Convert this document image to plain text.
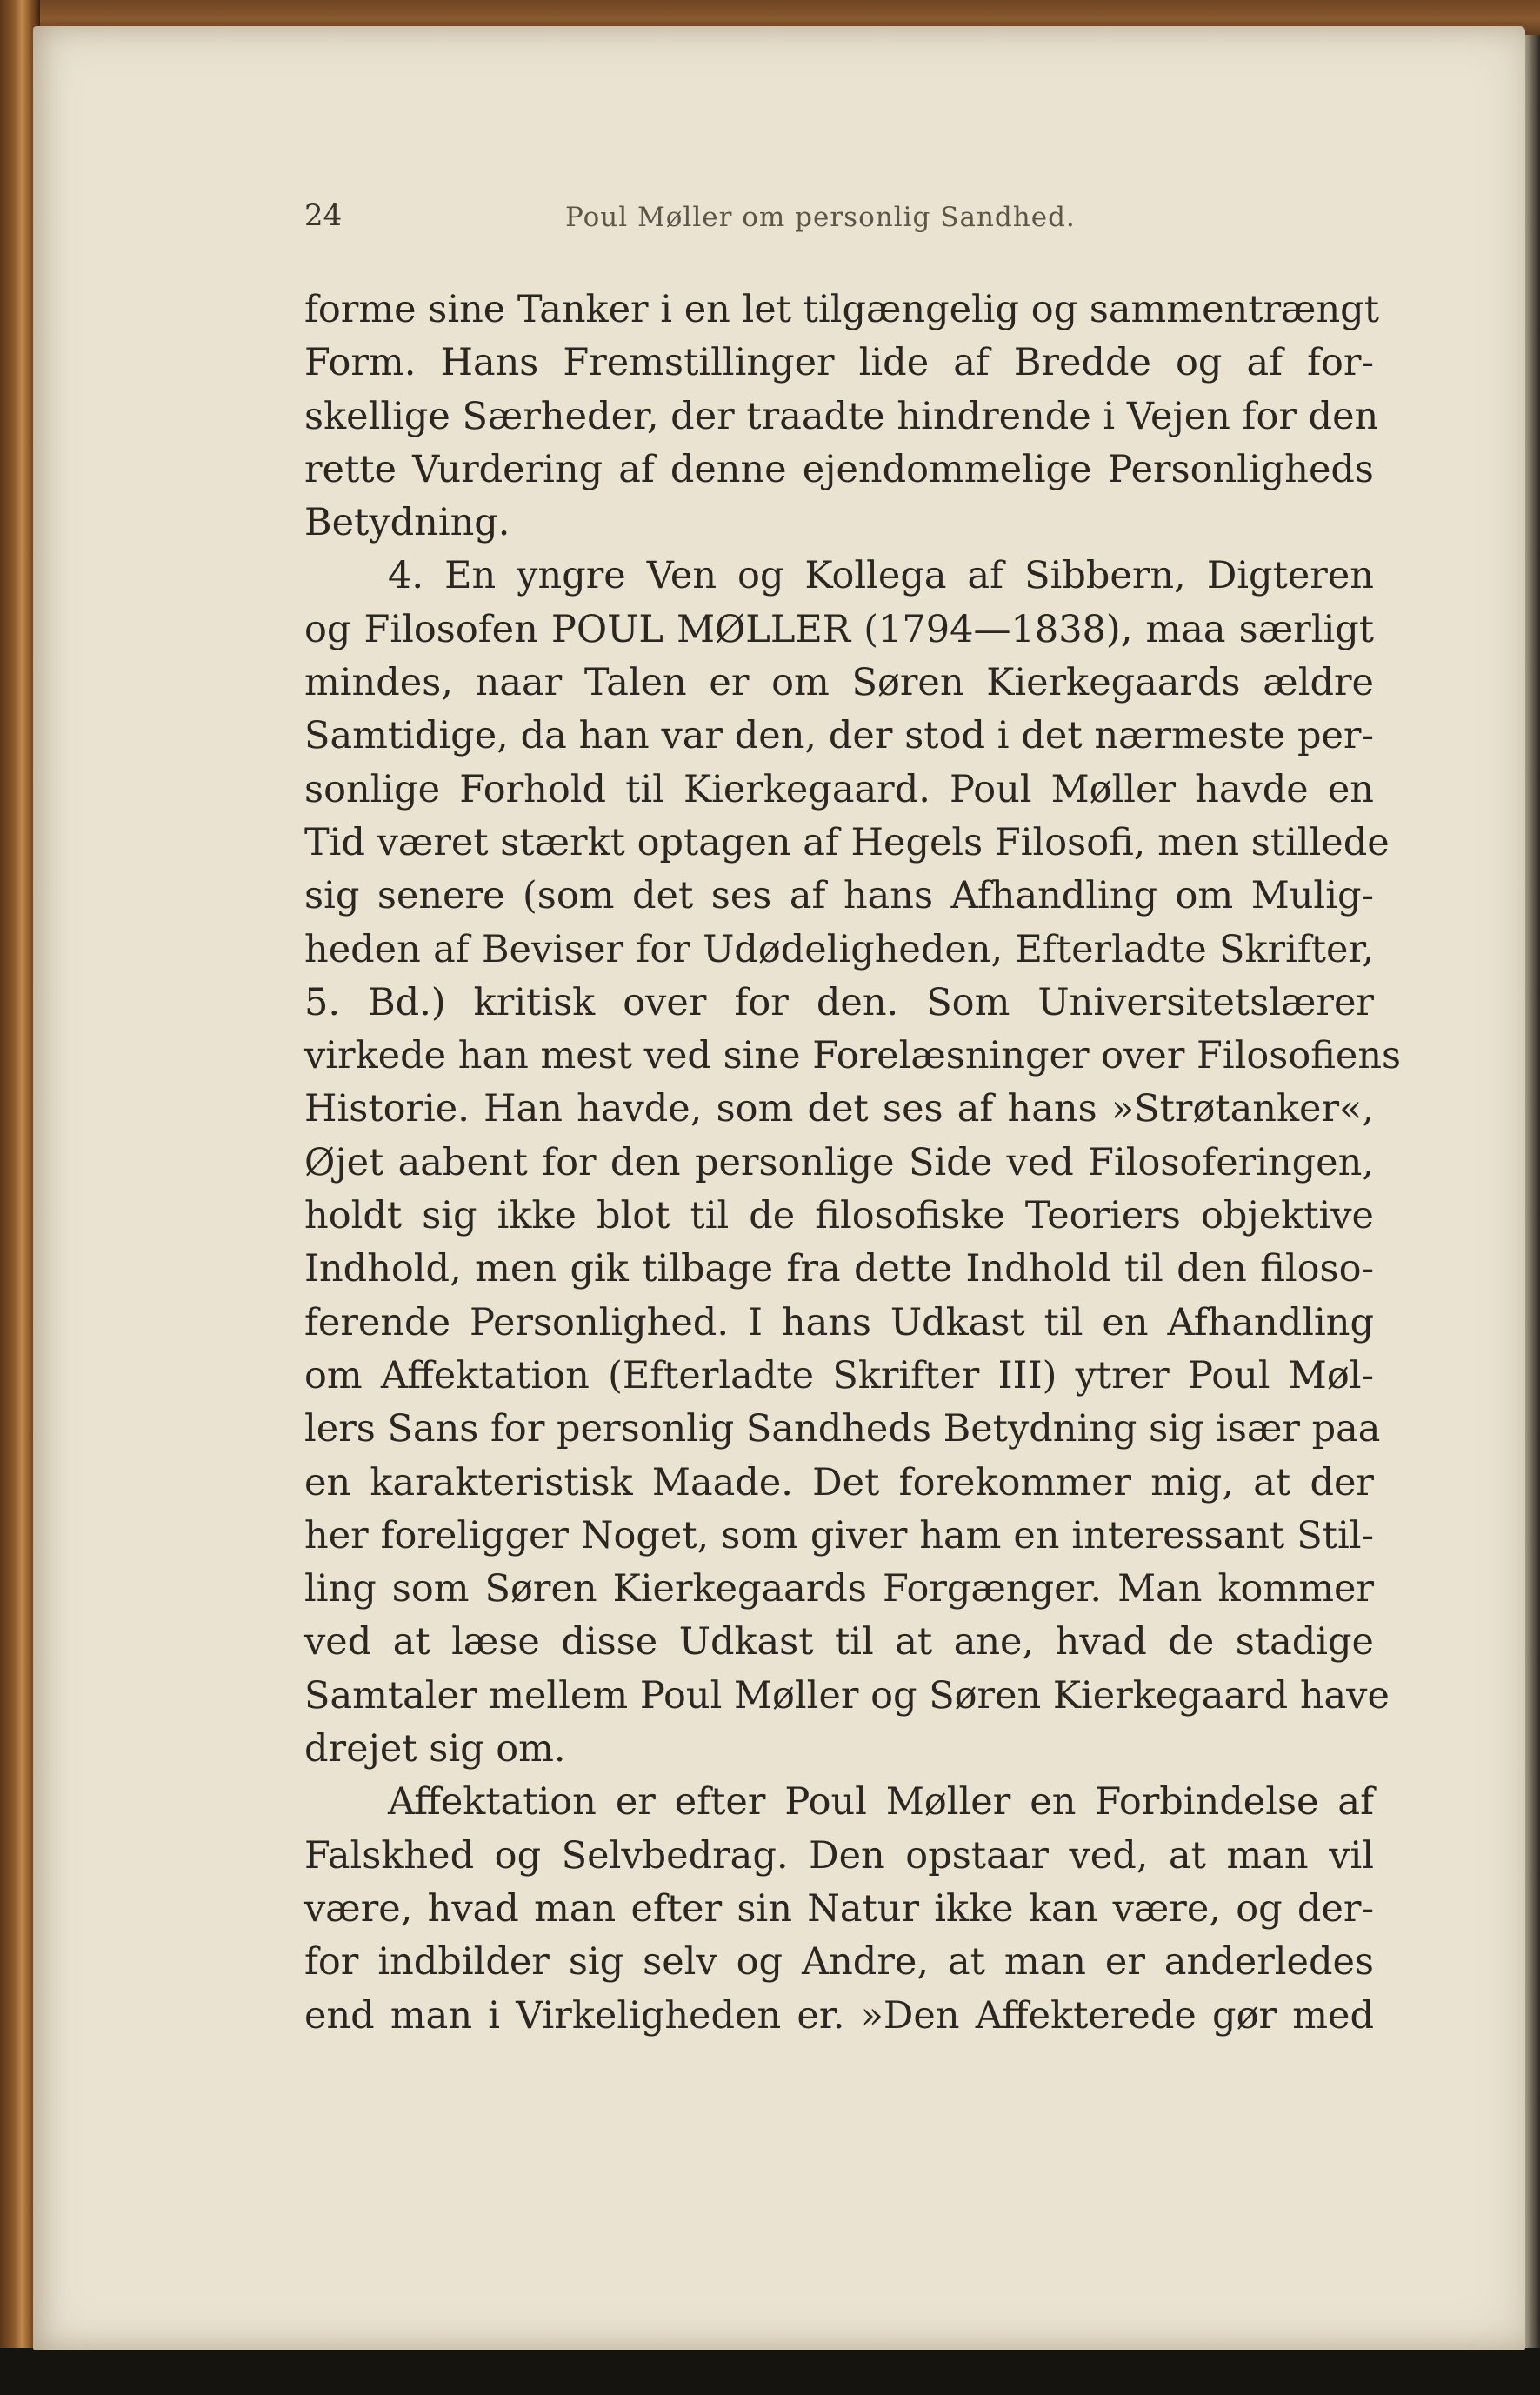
24	Poul Møller om personlig Sandhed.
forme sine Tanker i en let tilgængelig og sammentrængt
Form. Hans Fremstillinger lide af Bredde og af for-
skellige Særheder, der traadte hindrende i Vejen for den
rette Vurdering af denne ejendommelige Personligheds
Betydning.
4. En yngre Ven og Kollega af Sibbern, Digteren
og Filosofen POUL MØLLER (1794—1838), maa særligt
mindes, naar Talen er om Søren Kierkegaards ældre
Samtidige, da han var den, der stod i det nærmeste per-
sonlige Forhold til Kierkegaard. Poul Møller havde en
Tid været stærkt optagen af Hegels Filosofi, men stillede
sig senere (som det ses af hans Afhandling om Mulig-
heden af Beviser for Udødeligheden, Efterladte Skrifter,
5. Bd.) kritisk over for den. Som Universitetslærer
virkede han mest ved sine Forelæsninger over Filosofiens
Historie. Han havde, som det ses af hans »Strøtanker«,
Øjet aabent for den personlige Side ved Filosoferingen,
holdt sig ikke blot til de filosofiske Teoriers objektive
Indhold, men gik tilbage fra dette Indhold til den filoso-
ferende Personlighed. I hans Udkast til en Afhandling
om Affektation (Efterladte Skrifter III) ytrer Poul Møl-
lers Sans for personlig Sandheds Betydning sig især paa
en karakteristisk Maade. Det forekommer mig, at der
her foreligger Noget, som giver ham en interessant Stil-
ling som Søren Kierkegaards Forgænger. Man kommer
ved at læse disse Udkast til at ane, hvad de stadige
Samtaler mellem Poul Møller og Søren Kierkegaard have
drejet sig om.
Affektation er efter Poul Møller en Forbindelse af
Falskhed og Selvbedrag. Den opstaar ved, at man vil
være, hvad man efter sin Natur ikke kan være, og der-
for indbilder sig selv og Andre, at man er anderledes
end man i Virkeligheden er. »Den Affekterede gør med
